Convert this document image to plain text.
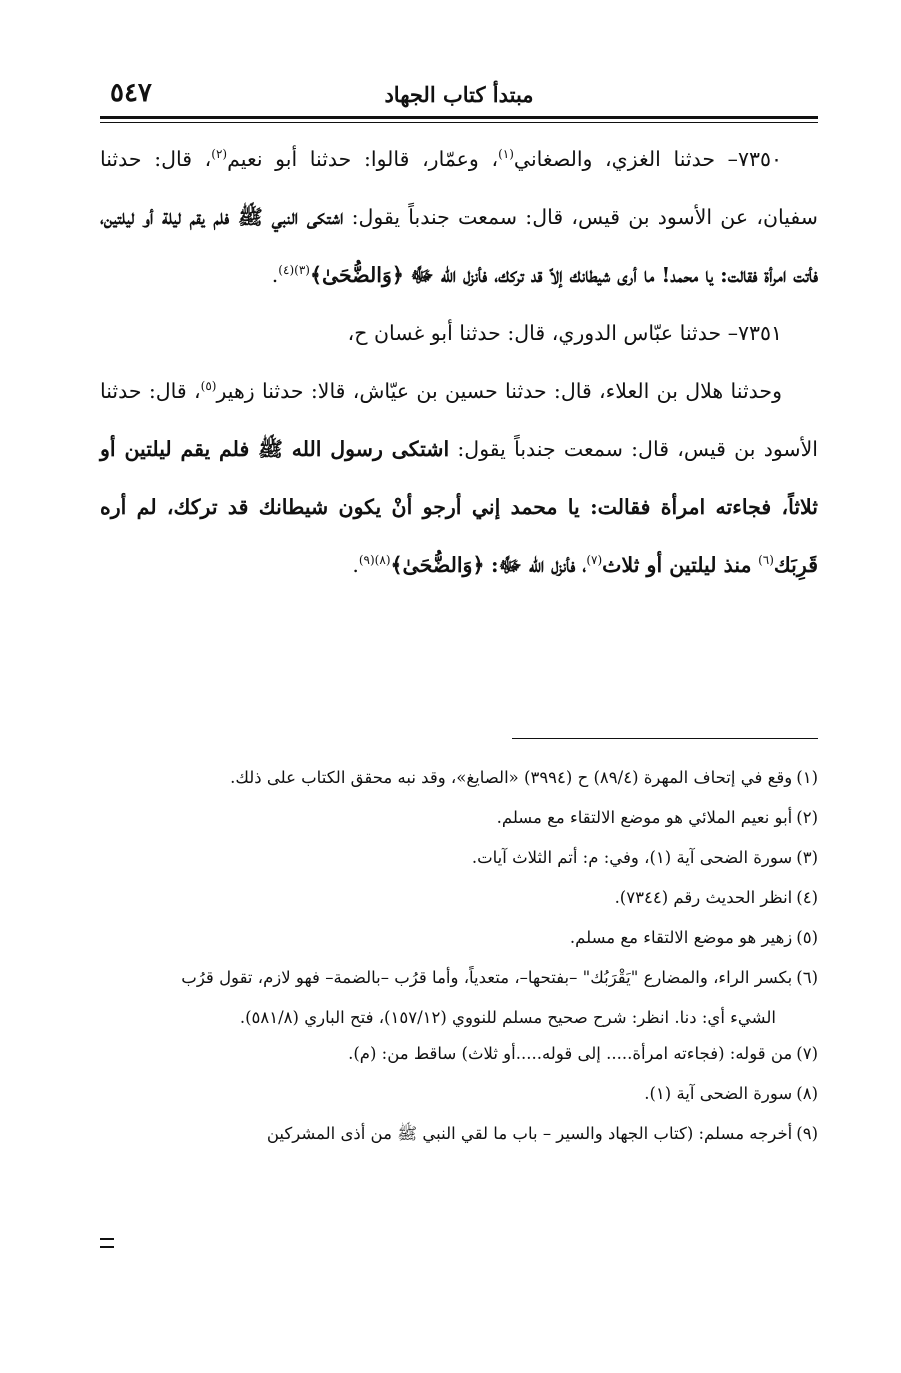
مبتدأ كتاب الجهاد
٥٤٧

٧٣٥٠– حدثنا الغزي، والصغاني$^{(١)}$، وعمّار، قالوا: حدثنا أبو نعيم$^{(٢)}$، قال: حدثنا سفيان، عن الأسود بن قيس، قال: سمعت جندباً يقول: اشتكى النبي ﷺ فلم يقم ليلة أو ليلتين، فأتت امرأة فقالت: يا محمد! ما أرى شيطانك إلاّ قد تركك، فأنزل الله ﷻ ﴿وَالضُّحَىٰ﴾$^{(٣)(٤)}$.

٧٣٥١– حدثنا عبّاس الدوري، قال: حدثنا أبو غسان ح،

وحدثنا هلال بن العلاء، قال: حدثنا حسين بن عيّاش، قالا: حدثنا زهير$^{(٥)}$، قال: حدثنا الأسود بن قيس، قال: سمعت جندباً يقول: اشتكى رسول الله ﷺ فلم يقم ليلتين أو ثلاثاً، فجاءته امرأة فقالت: يا محمد إني أرجو أنْ يكون شيطانك قد تركك، لم أره قَرِبَك$^{(٦)}$ منذ ليلتين أو ثلاث$^{(٧)}$، فأنزل الله ﷻ: ﴿وَالضُّحَىٰ﴾$^{(٨)(٩)}$.

(١)وقع في إتحاف المهرة (٨٩/٤) ح (٣٩٩٤) «الصايغ»، وقد نبه محقق الكتاب على ذلك.

(٢)أبو نعيم الملائي هو موضع الالتقاء مع مسلم.

(٣)سورة الضحى آية (١)، وفي: م: أتم الثلاث آيات.

(٤)انظر الحديث رقم (٧٣٤٤).

(٥)زهير هو موضع الالتقاء مع مسلم.

(٦)بكسر الراء، والمضارع "يَقْرَبُك" –بفتحها–، متعدياً، وأما قرُب –بالضمة– فهو لازم، تقول قرُب

الشيء أي: دنا. انظر: شرح صحيح مسلم للنووي (١٥٧/١٢)، فتح الباري (٥٨١/٨).

(٧)من قوله: (فجاءته امرأة..... إلى قوله.....أو ثلاث) ساقط من: (م).

(٨)سورة الضحى آية (١).

(٩)أخرجه مسلم: (كتاب الجهاد والسير – باب ما لقي النبي ﷺ من أذى المشركين
